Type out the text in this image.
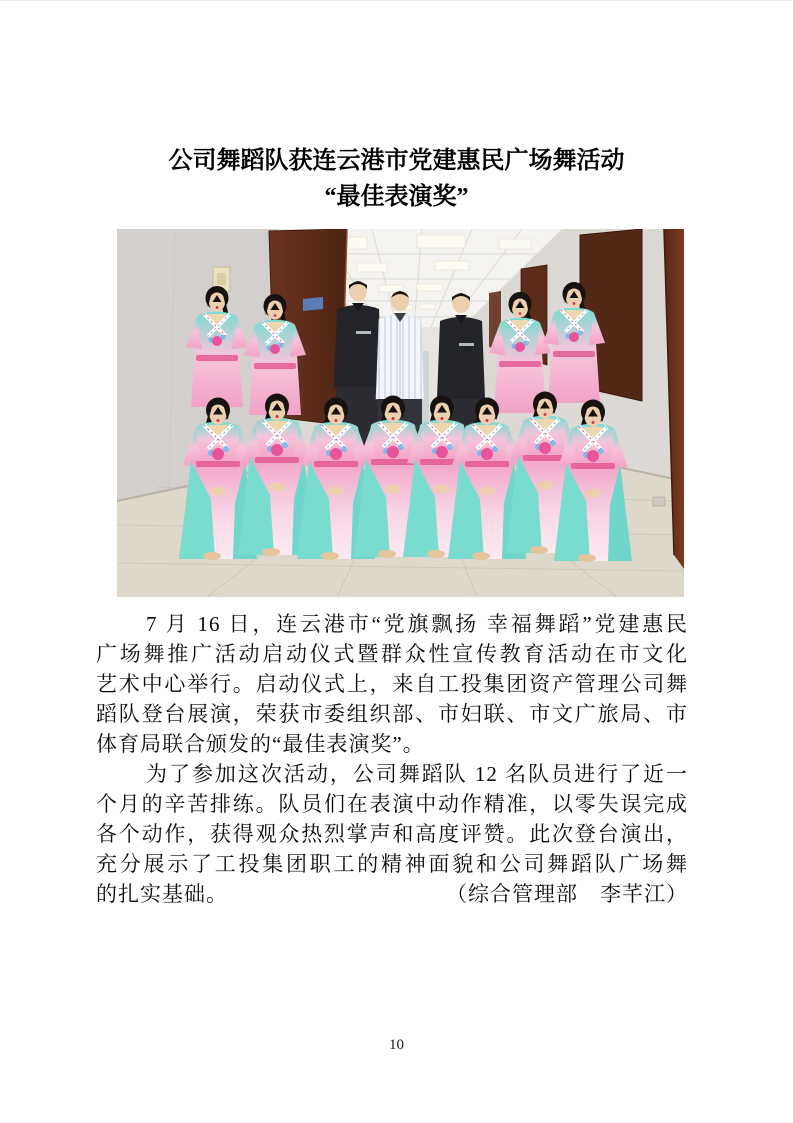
公司舞蹈队获连云港市党建惠民广场舞活动
“最佳表演奖”
7 月 16 日，连云港市“党旗飘扬 幸福舞蹈”党建惠民
广场舞推广活动启动仪式暨群众性宣传教育活动在市文化
艺术中心举行。启动仪式上，来自工投集团资产管理公司舞
蹈队登台展演，荣获市委组织部、市妇联、市文广旅局、市
体育局联合颁发的“最佳表演奖”。
为了参加这次活动，公司舞蹈队 12 名队员进行了近一
个月的辛苦排练。队员们在表演中动作精准，以零失误完成
各个动作，获得观众热烈掌声和高度评赞。此次登台演出，
充分展示了工投集团职工的精神面貌和公司舞蹈队广场舞
的扎实基础。	（综合管理部　李芊江）
10
